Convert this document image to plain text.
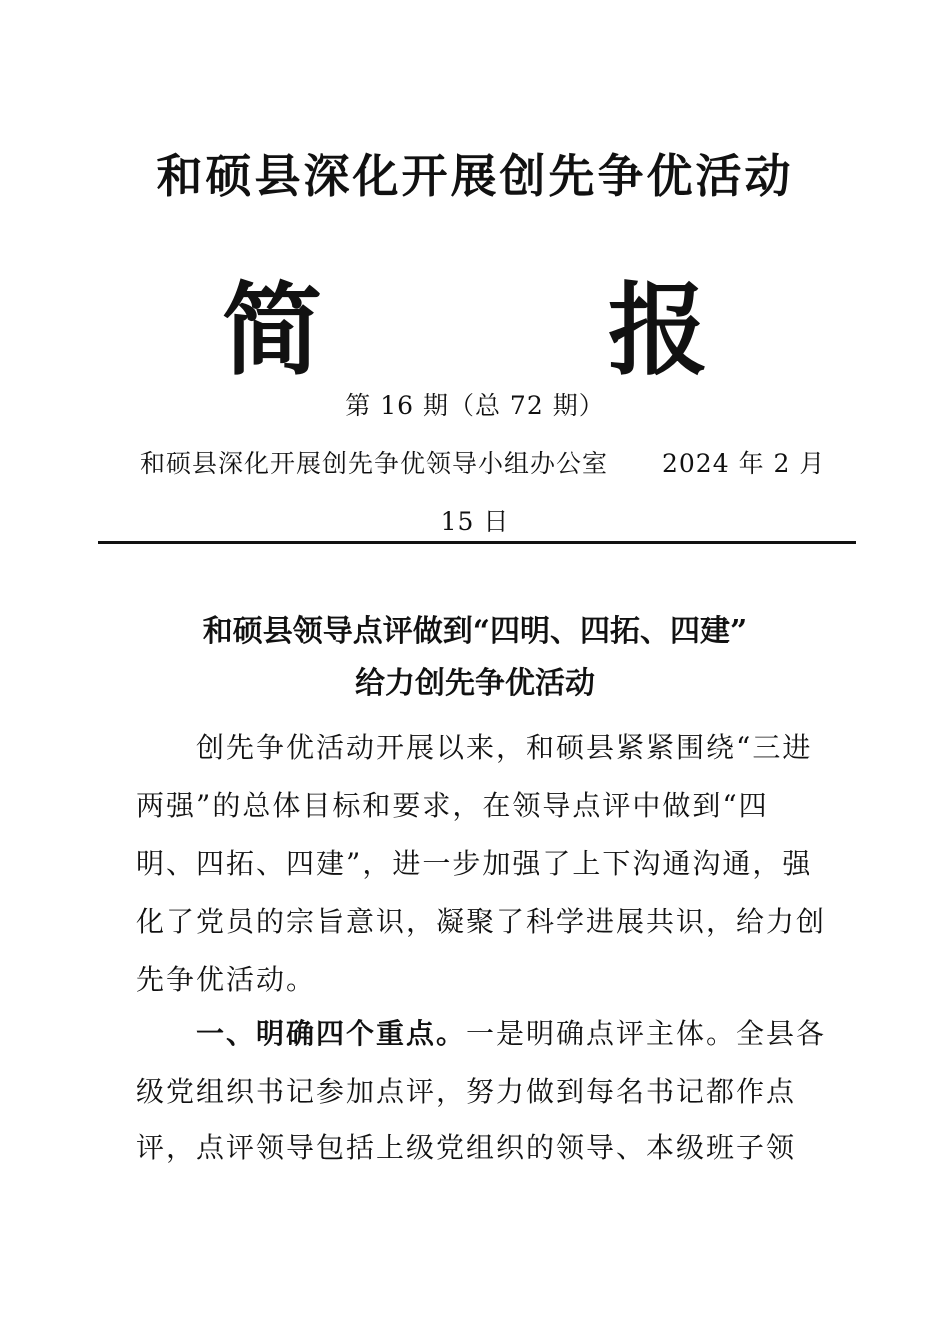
和硕县深化开展创先争优活动
简	报
第 16 期（总 72 期）
和硕县深化开展创先争优领导小组办公室 2024 年 2 月
15 日
和硕县领导点评做到“四明、四拓、四建”
给力创先争优活动
　　创先争优活动开展以来，和硕县紧紧围绕“三进
两强”的总体目标和要求，在领导点评中做到“四
明、四拓、四建”，进一步加强了上下沟通沟通，强
化了党员的宗旨意识，凝聚了科学进展共识，给力创
先争优活动。
　　一、明确四个重点。一是明确点评主体。全县各
级党组织书记参加点评，努力做到每名书记都作点
评，点评领导包括上级党组织的领导、本级班子领
